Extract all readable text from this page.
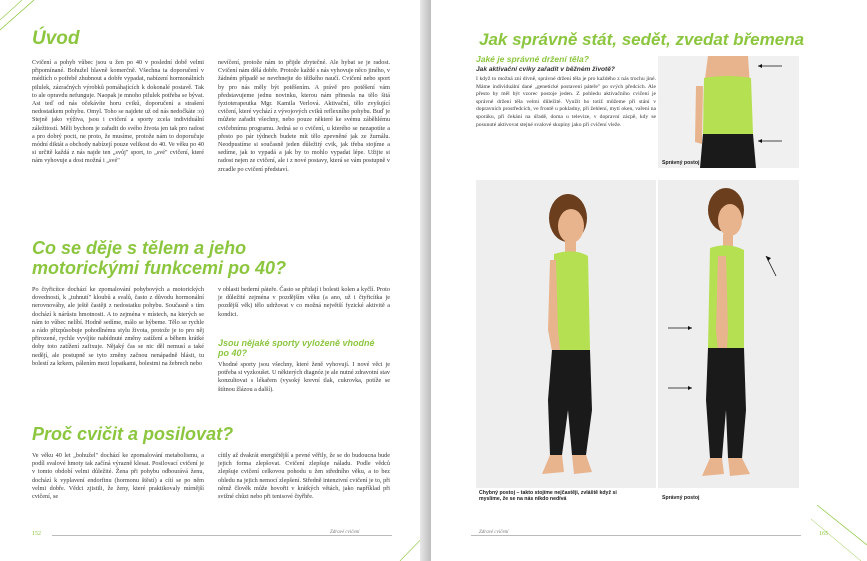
Úvod

Cvičení a pohyb vůbec jsou u žen po 40 v poslední době velmi připomínané. Bohužel hlavně komerčně. Všechna ta doporučení v médiích o potřebě zhubnout a dobře vypadat, nabízení hormonálních pilulek, zázračných výrobků pomáhajících k dokonalé postavě. Tak to ale opravdu nefunguje. Naopak je mnoho pilulek potřeba se bývat. Asi teď od nás očekávíte horu cviků, doporučení a strašení nedostatkem pohybu. Omyl. Toho se najdete už od nás nedočkáte :o) Stejně jako výživa, jsou i cvičení a sporty zcela individuální záležitostí. Měli bychom je zařadit do svého života jen tak pro radost a pro dobrý pocit, ne proto, že musíme, protože nám to doporučuje módní diktát a obchody nabízejí pouze velikost do 40. Ve věku po 40 si určitě každá z nás najde ten „svůj" sport, to „své" cvičení, které nám vyhovuje a dost možná i „své"

nevíčení, protože nám to přijde zbytečné. Ale hybat se je radost. Cvičení nám dělá dobře. Protože každé s nás vyhovuje něco jiného, v žádném případě se nevrhnejte do těžkého naučí. Cvičení nebo sport by pro nás měly být potěšením. A právě pro potěšení vám představujeme jednu novinku, kterou nám přinesla na tělo šitá fyzioterapeutka Mgr. Kamila Verlová. Aktivační, tělo zvyšující cvičení, které vychází z vývojových cviků reflexního pohybu. Buď je můžete zařadit všechny, nebo pouze některé ke svému záběhlému cvičebnímu programu. Jedná se o cvičení, u kterého se nezapotíte a přesto po pár týdnech budete mít tělo zpevněné jak ze žurnálu. Neodpustíme si současně jeden důležitý cvik, jak třeba stojíme a sedíme, jak to vypadá a jak by to mohlo vypadat lépe. Užijte si radost nejen ze cvičení, ale i z nové postavy, která se vám postupně v zrcadle po cvičení představí.

Co se děje s tělem a jeho motorickými funkcemi po 40?

Po čtyřicítce dochází ke zpomalování pohybových a motorických dovedností, k „tuhnutí" kloubů a svalů, často z důvodu hormonální nerovnováhy, ale ještě častěji z nedostatku pohybu. Současně s tím dochází k nárůstu hmotnosti. A to zejména v místech, na kterých se nám to vůbec nelíbí. Hodně sedíme, málo se hýbeme. Tělo se rychle a rádo přizpůsobuje pohodlnému stylu života, protože je to pro něj přirozené, rychle vyvíjíte nabídnuté změny zatížení a během krátké doby toto zatížení zafixuje. Nějaký čas se nic děl nemusí a také nedějí, ale postupně se tyto změny začnou nenápadně hlásit, tu bolestí za krkem, pálením mezi lopatkami, bolestmi na žebrech nebo

v oblasti bederní páteře. Často se přidají i bolesti kolen a kyčlí. Proto je důležité zejména v pozdějším věku (a ano, už i čtyřicítka je pozdější věk) tělo udržovat v co možná největší fyzické aktivitě a kondici.

Jsou nějaké sporty vyloženě vhodné po 40?

Vhodné sporty jsou všechny, které ženě vyhovují. I nové věci je potřeba si vyzkoušet. U některých diagnóz je ale nutné zdravotní stav konzultovat s lékařem (vysoký krevní tlak, cukrovka, potíže se štítnou žlázou a další).

Proč cvičit a posilovat?

Ve věku 40 let „bohužel" dochází ke zpomalování metabolismu, a podíl svalové hmoty tak začíná výrazně klesat. Posilovací cvičení je v tomto období velmi důležité. Žena při pohybu odbourává ženu, dochází k vyplavení endorfinu (hormonu štěstí) a cítí se po něm velmi dobře. Vědci zjistili, že ženy, které praktikovaly mírnější cvičení, se

cítily až dvakrát energičtější a pevné věřily, že se do budoucna bude jejich forma zlepšovat. Cvičení zlepšuje náladu. Podle vědců zlepšuje cvičení celkovou pohodu u žen středního věku, a to bez ohledu na jejich nemocí zlepšení. Středně intenzivní cvičení je to, při němž člověk může hovořit v krátkých větách, jako například při svižné chůzi nebo při tenisové čtyřhře.

152	Zdravé cvičení
Jak správně stát, sedět, zvedat břemena
Jaké je správné držení těla?
Jak aktivační cviky zařadit v běžném životě?

I když to možná zní divně, správné držení těla je pro každého z nás trochu jiné. Máme individuální dané „genetické postavení páteře" po svých předcích. Ale přesto by měl být vzorec postoje jeden. Z pohledu aktivačního cvičení je správné držení těla velmi důležité. Využít ho totiž můžeme při stání v dopravních prostředcích, ve frontě u pokladny, při žehlení, mytí oken, vaření na sporáku, při čekání na úřadě, doma u televize, v dopravní zácpě, kdy se posunuté aktivovat stejné svalové skupiny jako při cvičení vleže.

Správný postoj

Chybný postoj – takto stojíme nejčastěji, zvláště když si myslíme, že se na nás nikdo nedívá	Správný postoj

Zdravé cvičení	165
